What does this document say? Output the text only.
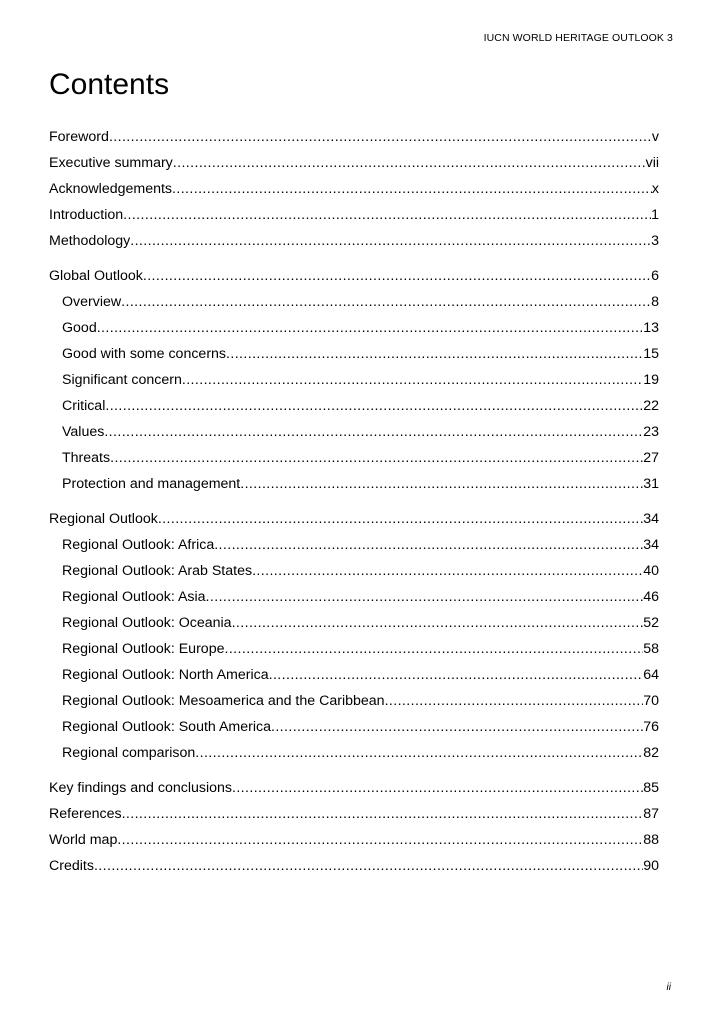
IUCN WORLD HERITAGE OUTLOOK 3
Contents
Foreword .....	v
Executive summary .....	vii
Acknowledgements .....	x
Introduction .....	1
Methodology .....	3
Global Outlook .....	6
Overview .....	8
Good .....	13
Good with some concerns .....	15
Significant concern .....	19
Critical .....	22
Values .....	23
Threats .....	27
Protection and management .....	31
Regional Outlook .....	34
Regional Outlook: Africa .....	34
Regional Outlook: Arab States .....	40
Regional Outlook: Asia .....	46
Regional Outlook: Oceania .....	52
Regional Outlook: Europe .....	58
Regional Outlook: North America .....	64
Regional Outlook: Mesoamerica and the Caribbean .....	70
Regional Outlook: South America .....	76
Regional comparison .....	82
Key findings and conclusions .....	85
References .....	87
World map .....	88
Credits .....	90
ii
